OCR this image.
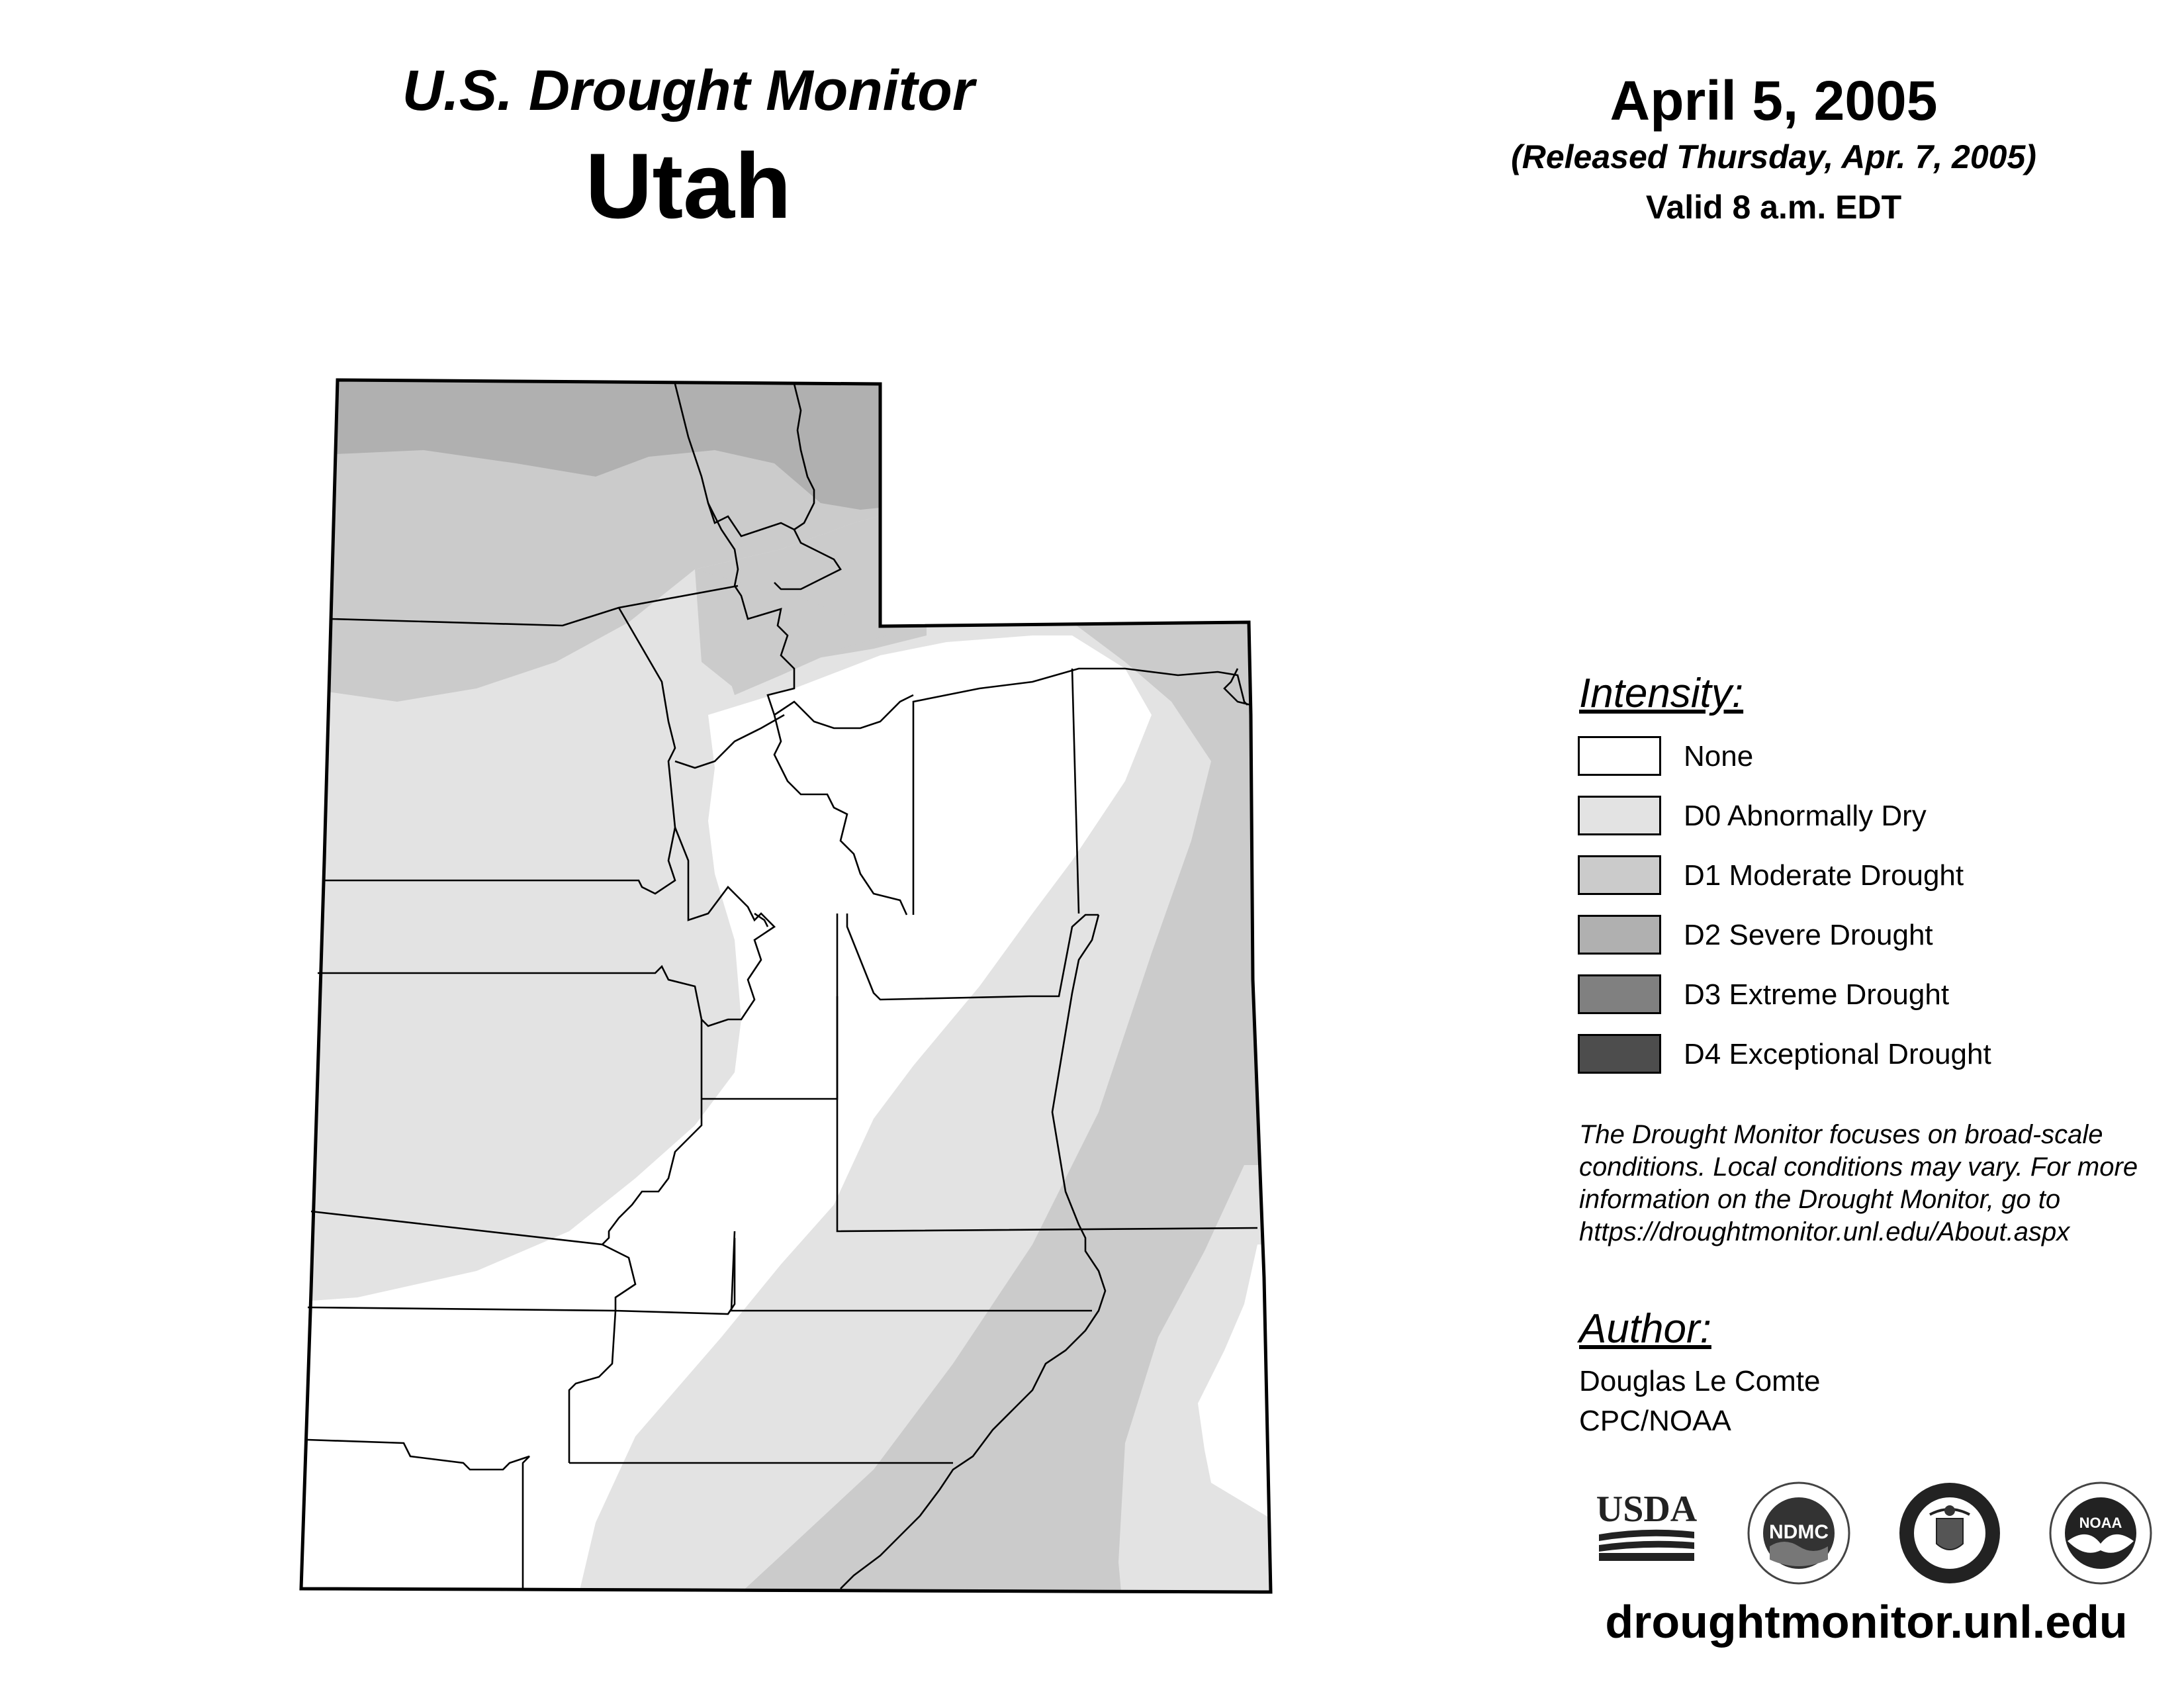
U.S. Drought Monitor
Utah
April 5, 2005
(Released Thursday, Apr. 7, 2005)
Valid 8 a.m. EDT
Intensity:
None
D0 Abnormally Dry
D1 Moderate Drought
D2 Severe Drought
D3 Extreme Drought
D4 Exceptional Drought
The Drought Monitor focuses on broad-scale conditions. Local conditions may vary. For more information on the Drought Monitor, go to https://droughtmonitor.unl.edu/About.aspx
Author:
Douglas Le Comte
CPC/NOAA
USDA
NDMC	NOAA
droughtmonitor.unl.edu
